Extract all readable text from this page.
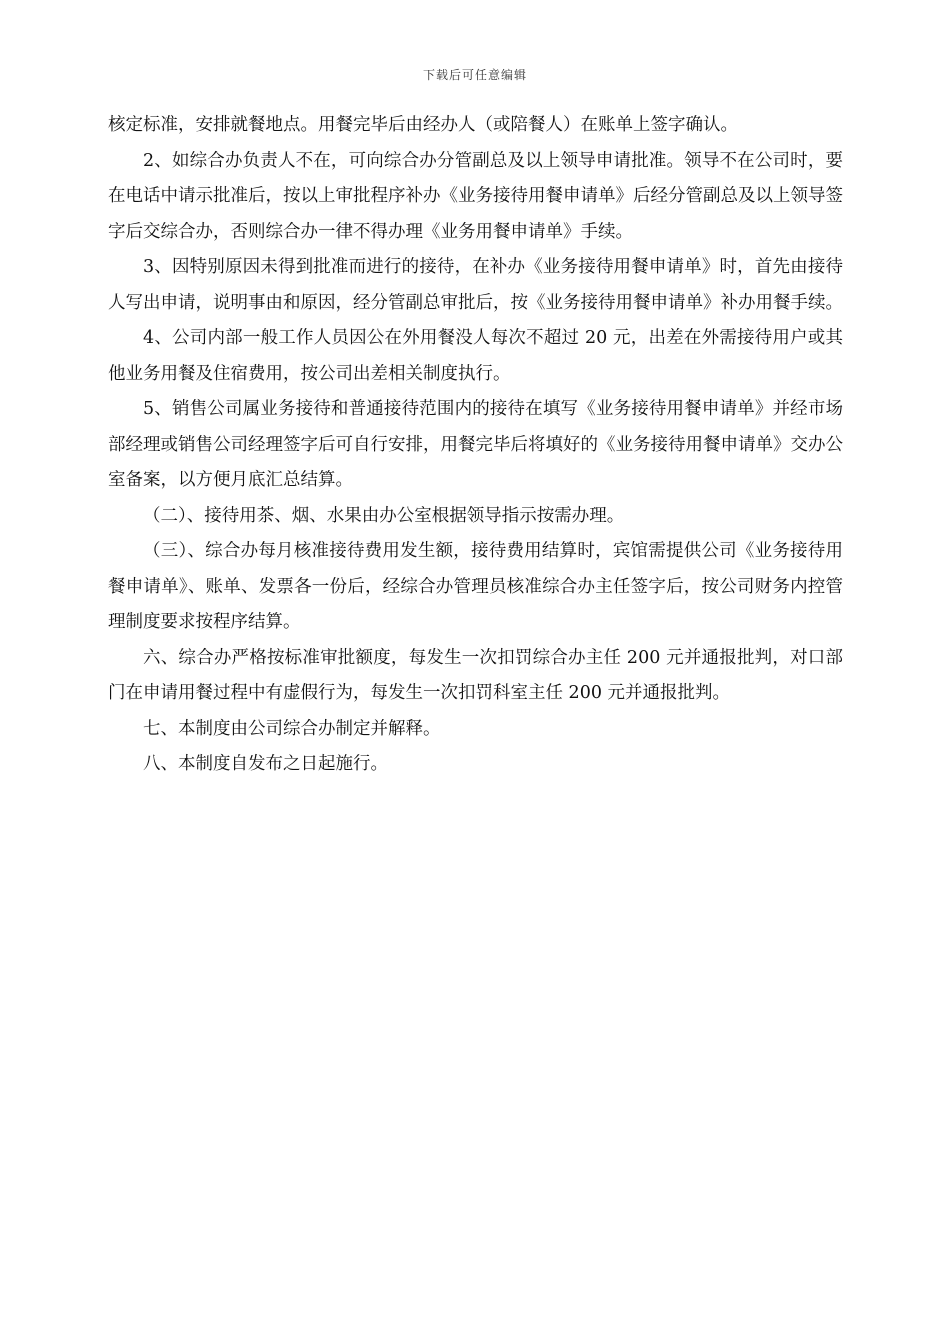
下载后可任意编辑

核定标准，安排就餐地点。用餐完毕后由经办人（或陪餐人）在账单上签字确认。

2、如综合办负责人不在，可向综合办分管副总及以上领导申请批准。领导不在公司时，要在电话中请示批准后，按以上审批程序补办《业务接待用餐申请单》后经分管副总及以上领导签字后交综合办，否则综合办一律不得办理《业务用餐申请单》手续。

3、因特别原因未得到批准而进行的接待，在补办《业务接待用餐申请单》时，首先由接待人写出申请，说明事由和原因，经分管副总审批后，按《业务接待用餐申请单》补办用餐手续。

4、公司内部一般工作人员因公在外用餐没人每次不超过 20 元，出差在外需接待用户或其他业务用餐及住宿费用，按公司出差相关制度执行。

5、销售公司属业务接待和普通接待范围内的接待在填写《业务接待用餐申请单》并经市场部经理或销售公司经理签字后可自行安排，用餐完毕后将填好的《业务接待用餐申请单》交办公室备案，以方便月底汇总结算。

（二）、接待用茶、烟、水果由办公室根据领导指示按需办理。

（三）、综合办每月核准接待费用发生额，接待费用结算时，宾馆需提供公司《业务接待用餐申请单》、账单、发票各一份后，经综合办管理员核准综合办主任签字后，按公司财务内控管理制度要求按程序结算。

六、综合办严格按标准审批额度，每发生一次扣罚综合办主任 200 元并通报批判，对口部门在申请用餐过程中有虚假行为，每发生一次扣罚科室主任 200 元并通报批判。

七、本制度由公司综合办制定并解释。

八、本制度自发布之日起施行。
